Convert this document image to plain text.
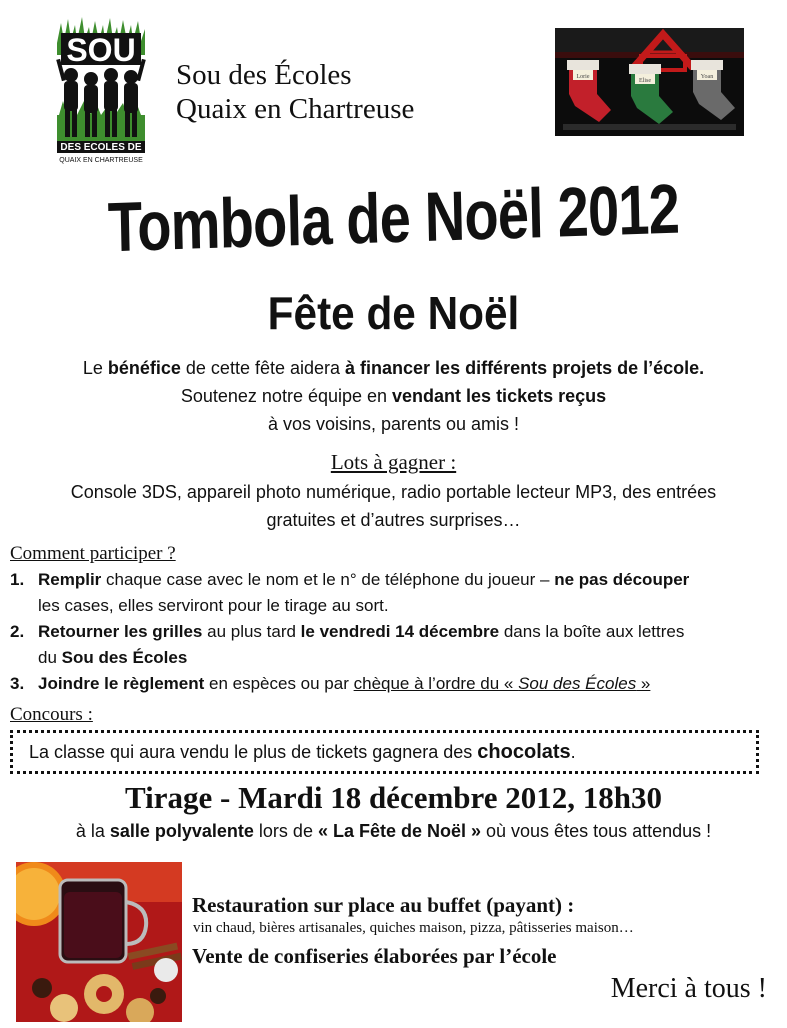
SOU
DES ECOLES DE
QUAIX EN CHARTREUSE
Sou des Écoles
Quaix en Chartreuse
Lorie
Elise
Yoan
Tombola de Noël 2012
Fête de Noël
Le bénéfice de cette fête aidera à financer les différents projets de l’école.
Soutenez notre équipe en vendant les tickets reçus
à vos voisins, parents ou amis !
Lots à gagner :
Console 3DS, appareil photo numérique, radio portable lecteur MP3, des entrées
gratuites et d’autres surprises…
Comment participer ?
1. Remplir chaque case avec le nom et le n° de téléphone du joueur – ne pas découper
les cases, elles serviront pour le tirage au sort.
2. Retourner les grilles au plus tard le vendredi 14 décembre dans la boîte aux lettres
du Sou des Écoles
3. Joindre le règlement en espèces ou par chèque à l’ordre du « Sou des Écoles »
Concours :
La classe qui aura vendu le plus de tickets gagnera des chocolats.
Tirage - Mardi 18 décembre 2012, 18h30
à la salle polyvalente lors de « La Fête de Noël » où vous êtes tous attendus !
Restauration sur place au buffet (payant) :
vin chaud, bières artisanales, quiches maison, pizza, pâtisseries maison…
Vente de confiseries élaborées par l’école
Merci à tous !
